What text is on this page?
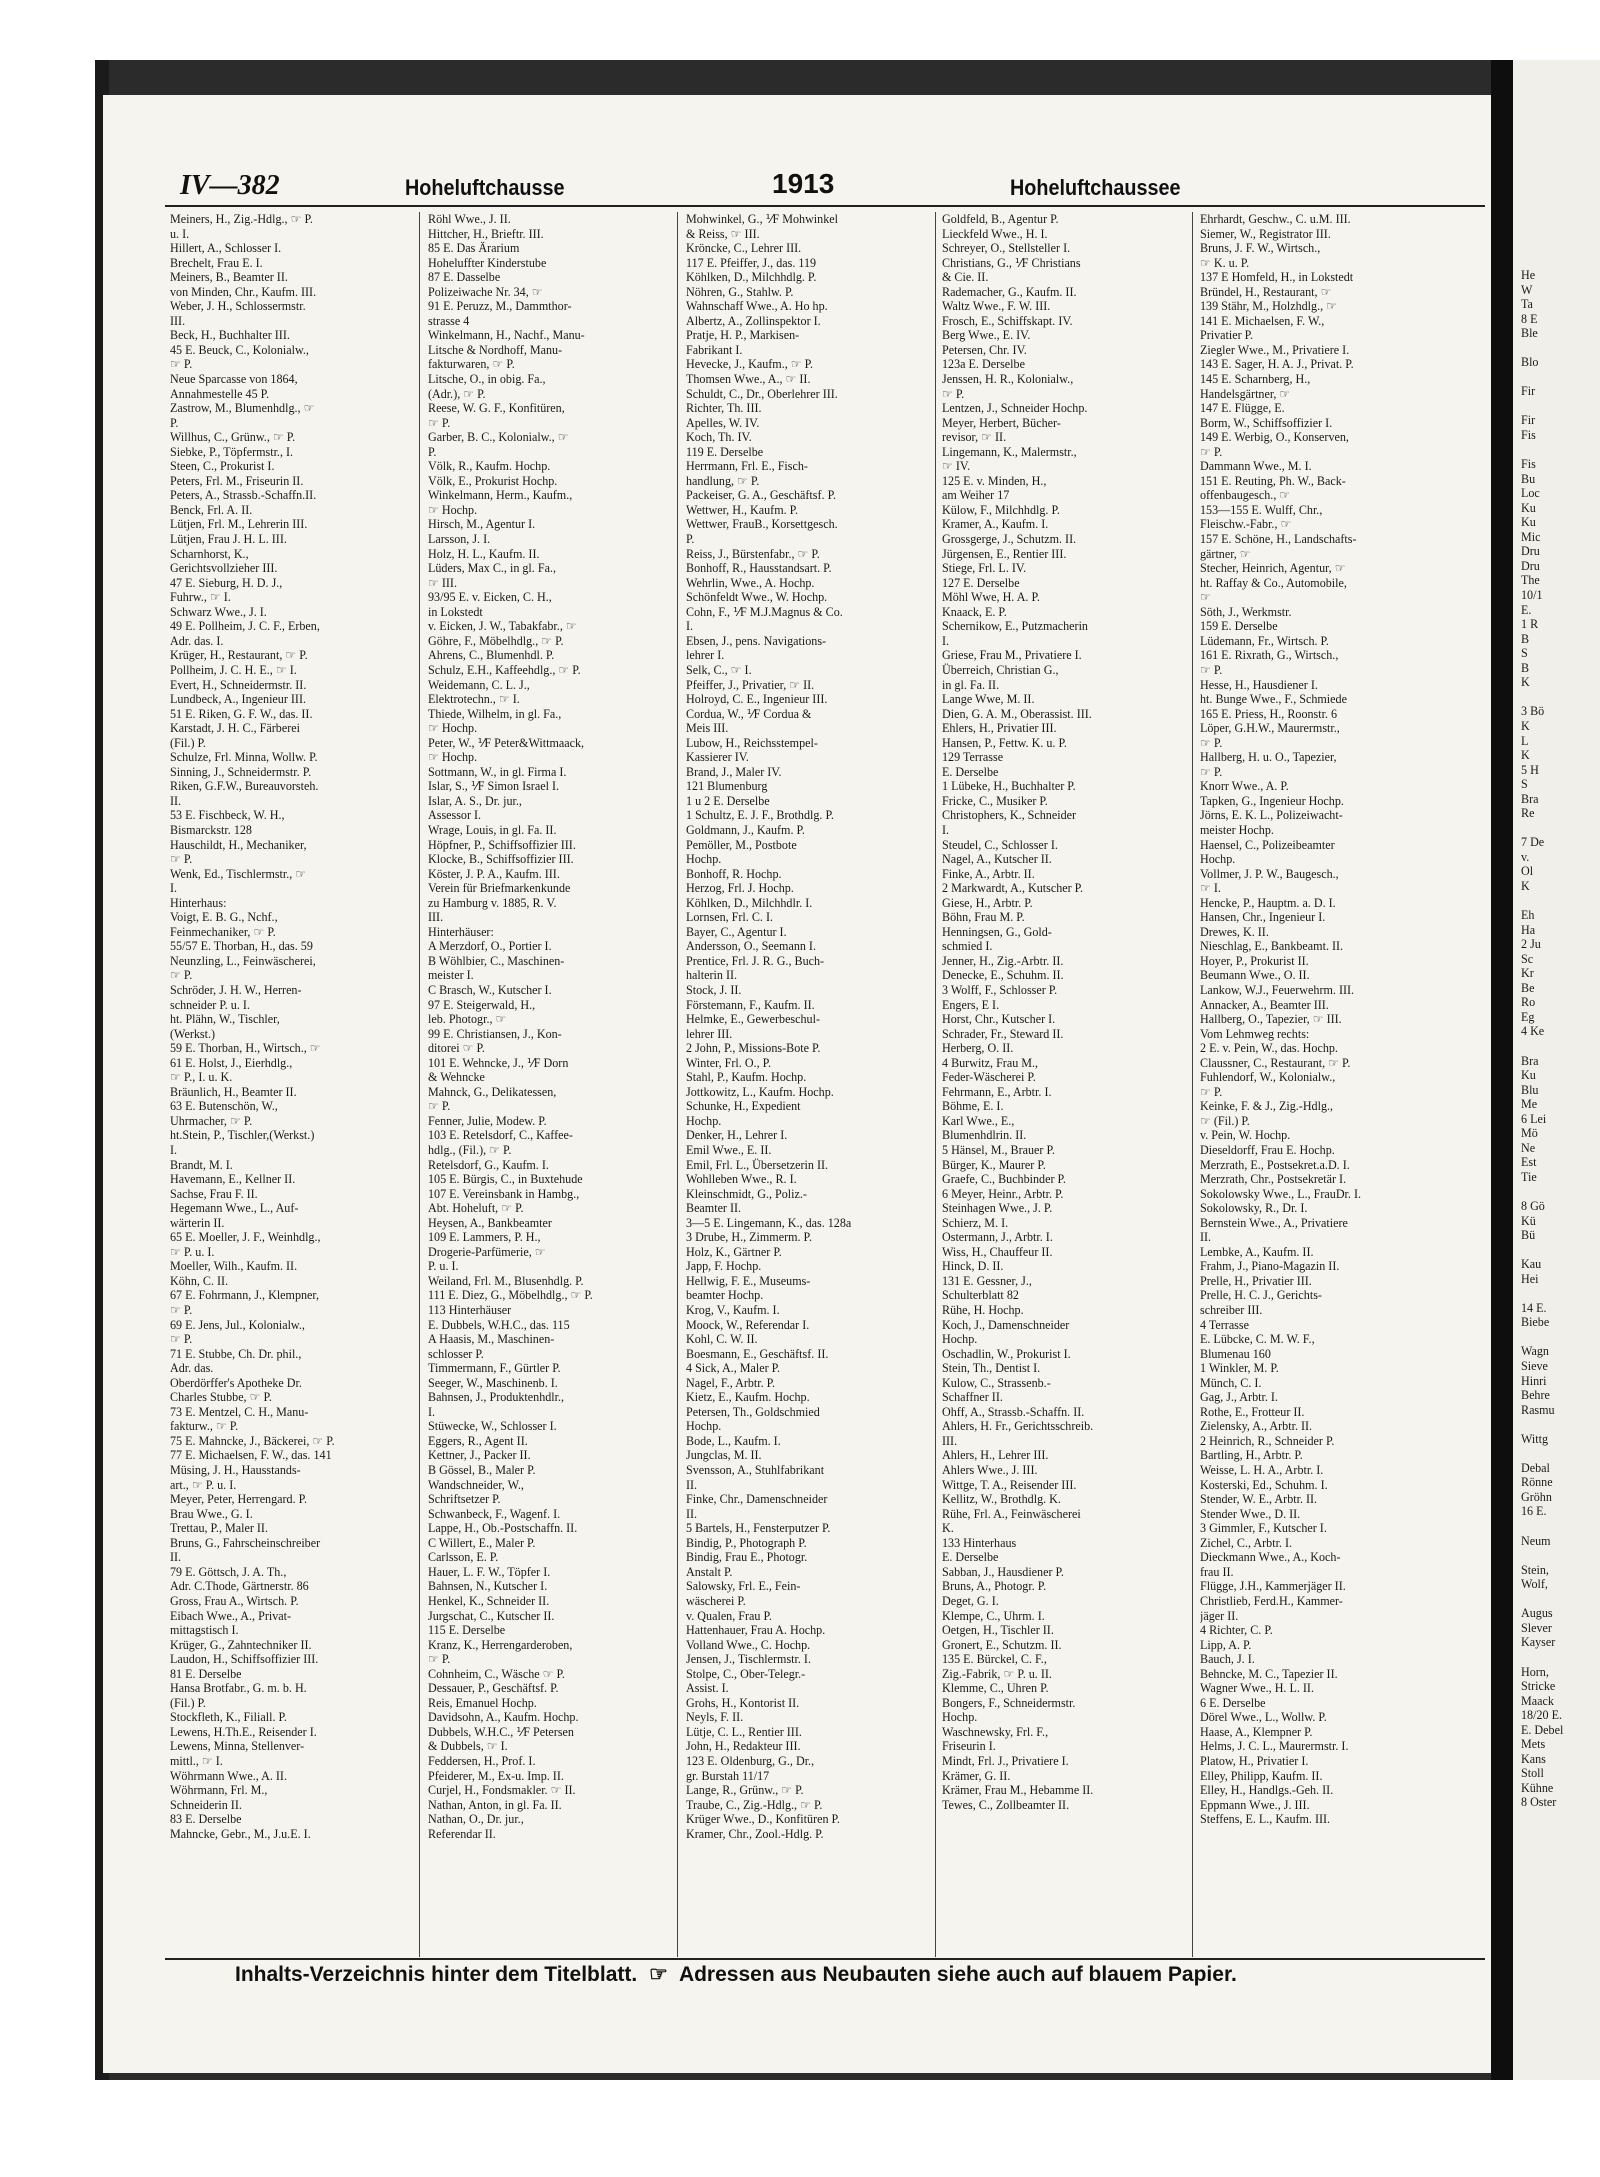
He
W
Ta
8 E
Ble
Blo
Fir
Fir
Fis
Fis
Bu
Loc
Ku
Ku
Mic
Dru
Dru
The
10/1
E.
1 R
B
S
B
K
3 Bö
K
L
K
5 H
S
Bra
Re
7 De
v.
Ol
K
Eh
Ha
2 Ju
Sc
Kr
Be
Ro
Eg
4 Ke
Bra
Ku
Blu
Me
6 Lei
Mö
Ne
Est
Tie
8 Gö
Kü
Bü
Kau
Hei
14 E.
Biebe
Wagn
Sieve
Hinri
Behre
Rasmu
Wittg
Debal
Rönne
Gröhn
16 E.
Neum
Stein,
Wolf,
Augus
Slever
Kayser
Horn,
Stricke
Maack
18/20 E.
E. Debel
Mets
Kans
Stoll
Kühne
8 Oster
IV—382	Hoheluftchausse	1913	Hoheluftchaussee
Meiners, H., Zig.-Hdlg., ☞ P.
u. I.
Hillert, A., Schlosser I.
Brechelt, Frau E. I.
Meiners, B., Beamter II.
von Minden, Chr., Kaufm. III.
Weber, J. H., Schlossermstr.
III.
Beck, H., Buchhalter III.
45 E. Beuck, C., Kolonialw.,
☞ P.
Neue Sparcasse von 1864,
Annahmestelle 45 P.
Zastrow, M., Blumenhdlg., ☞
P.
Willhus, C., Grünw., ☞ P.
Siebke, P., Töpfermstr., I.
Steen, C., Prokurist I.
Peters, Frl. M., Friseurin II.
Peters, A., Strassb.-Schaffn.II.
Benck, Frl. A. II.
Lütjen, Frl. M., Lehrerin III.
Lütjen, Frau J. H. L. III.
Scharnhorst, K.,
Gerichtsvollzieher III.
47 E. Sieburg, H. D. J.,
Fuhrw., ☞ I.
Schwarz Wwe., J. I.
49 E. Pollheim, J. C. F., Erben,
Adr. das. I.
Krüger, H., Restaurant, ☞ P.
Pollheim, J. C. H. E., ☞ I.
Evert, H., Schneidermstr. II.
Lundbeck, A., Ingenieur III.
51 E. Riken, G. F. W., das. II.
Karstadt, J. H. C., Färberei
(Fil.) P.
Schulze, Frl. Minna, Wollw. P.
Sinning, J., Schneidermstr. P.
Riken, G.F.W., Bureauvorsteh.
II.
53 E. Fischbeck, W. H.,
Bismarckstr. 128
Hauschildt, H., Mechaniker,
☞ P.
Wenk, Ed., Tischlermstr., ☞
I.
Hinterhaus:
Voigt, E. B. G., Nchf.,
Feinmechaniker, ☞ P.
55/57 E. Thorban, H., das. 59
Neunzling, L., Feinwäscherei,
☞ P.
Schröder, J. H. W., Herren-
schneider P. u. I.
ht. Plähn, W., Tischler,
(Werkst.)
59 E. Thorban, H., Wirtsch., ☞
61 E. Holst, J., Eierhdlg.,
☞ P., I. u. K.
Bräunlich, H., Beamter II.
63 E. Butenschön, W.,
Uhrmacher, ☞ P.
ht.Stein, P., Tischler,(Werkst.)
I.
Brandt, M. I.
Havemann, E., Kellner II.
Sachse, Frau F. II.
Hegemann Wwe., L., Auf-
wärterin II.
65 E. Moeller, J. F., Weinhdlg.,
☞ P. u. I.
Moeller, Wilh., Kaufm. II.
Köhn, C. II.
67 E. Fohrmann, J., Klempner,
☞ P.
69 E. Jens, Jul., Kolonialw.,
☞ P.
71 E. Stubbe, Ch. Dr. phil.,
Adr. das.
Oberdörffer's Apotheke Dr.
Charles Stubbe, ☞ P.
73 E. Mentzel, C. H., Manu-
fakturw., ☞ P.
75 E. Mahncke, J., Bäckerei, ☞ P.
77 E. Michaelsen, F. W., das. 141
Müsing, J. H., Hausstands-
art., ☞ P. u. I.
Meyer, Peter, Herrengard. P.
Brau Wwe., G. I.
Trettau, P., Maler II.
Bruns, G., Fahrscheinschreiber
II.
79 E. Göttsch, J. A. Th.,
Adr. C.Thode, Gärtnerstr. 86
Gross, Frau A., Wirtsch. P.
Eibach Wwe., A., Privat-
mittagstisch I.
Krüger, G., Zahntechniker II.
Laudon, H., Schiffsoffizier III.
81 E. Derselbe
Hansa Brotfabr., G. m. b. H.
(Fil.) P.
Stockfleth, K., Filiall. P.
Lewens, H.Th.E., Reisender I.
Lewens, Minna, Stellenver-
mittl., ☞ I.
Wöhrmann Wwe., A. II.
Wöhrmann, Frl. M.,
Schneiderin II.
83 E. Derselbe
Mahncke, Gebr., M., J.u.E. I.
Röhl Wwe., J. II.
Hittcher, H., Brieftr. III.
85 E. Das Ärarium
Hoheluffter Kinderstube
87 E. Dasselbe
Polizeiwache Nr. 34, ☞
91 E. Peruzz, M., Dammthor-
strasse 4
Winkelmann, H., Nachf., Manu-
Litsche & Nordhoff, Manu-
fakturwaren, ☞ P.
Litsche, O., in obig. Fa.,
(Adr.), ☞ P.
Reese, W. G. F., Konfitüren,
☞ P.
Garber, B. C., Kolonialw., ☞
P.
Völk, R., Kaufm. Hochp.
Völk, E., Prokurist Hochp.
Winkelmann, Herm., Kaufm.,
☞ Hochp.
Hirsch, M., Agentur I.
Larsson, J. I.
Holz, H. L., Kaufm. II.
Lüders, Max C., in gl. Fa.,
☞ III.
93/95 E. v. Eicken, C. H.,
in Lokstedt
v. Eicken, J. W., Tabakfabr., ☞
Göhre, F., Möbelhdlg., ☞ P.
Ahrens, C., Blumenhdl. P.
Schulz, E.H., Kaffeehdlg., ☞ P.
Weidemann, C. L. J.,
Elektrotechn., ☞ I.
Thiede, Wilhelm, in gl. Fa.,
☞ Hochp.
Peter, W., ⅟F Peter&Wittmaack,
☞ Hochp.
Sottmann, W., in gl. Firma I.
Islar, S., ⅟F Simon Israel I.
Islar, A. S., Dr. jur.,
Assessor I.
Wrage, Louis, in gl. Fa. II.
Höpfner, P., Schiffsoffizier III.
Klocke, B., Schiffsoffizier III.
Köster, J. P. A., Kaufm. III.
Verein für Briefmarkenkunde
zu Hamburg v. 1885, R. V.
III.
Hinterhäuser:
A Merzdorf, O., Portier I.
B Wöhlbier, C., Maschinen-
meister I.
C Brasch, W., Kutscher I.
97 E. Steigerwald, H.,
leb. Photogr., ☞
99 E. Christiansen, J., Kon-
ditorei ☞ P.
101 E. Wehncke, J., ⅟F Dorn
& Wehncke
Mahnck, G., Delikatessen,
☞ P.
Fenner, Julie, Modew. P.
103 E. Retelsdorf, C., Kaffee-
hdlg., (Fil.), ☞ P.
Retelsdorf, G., Kaufm. I.
105 E. Bürgis, C., in Buxtehude
107 E. Vereinsbank in Hambg.,
Abt. Hoheluft, ☞ P.
Heysen, A., Bankbeamter
109 E. Lammers, P. H.,
Drogerie-Parfümerie, ☞
P. u. I.
Weiland, Frl. M., Blusenhdlg. P.
111 E. Diez, G., Möbelhdlg., ☞ P.
113 Hinterhäuser
E. Dubbels, W.H.C., das. 115
A Haasis, M., Maschinen-
schlosser P.
Timmermann, F., Gürtler P.
Seeger, W., Maschinenb. I.
Bahnsen, J., Produktenhdlr.,
I.
Stüwecke, W., Schlosser I.
Eggers, R., Agent II.
Kettner, J., Packer II.
B Gössel, B., Maler P.
Wandschneider, W.,
Schriftsetzer P.
Schwanbeck, F., Wagenf. I.
Lappe, H., Ob.-Postschaffn. II.
C Willert, E., Maler P.
Carlsson, E. P.
Hauer, L. F. W., Töpfer I.
Bahnsen, N., Kutscher I.
Henkel, K., Schneider II.
Jurgschat, C., Kutscher II.
115 E. Derselbe
Kranz, K., Herrengarderoben,
☞ P.
Cohnheim, C., Wäsche ☞ P.
Dessauer, P., Geschäftsf. P.
Reis, Emanuel Hochp.
Davidsohn, A., Kaufm. Hochp.
Dubbels, W.H.C., ⅟F Petersen
& Dubbels, ☞ I.
Feddersen, H., Prof. I.
Pfeiderer, M., Ex-u. Imp. II.
Curjel, H., Fondsmakler. ☞ II.
Nathan, Anton, in gl. Fa. II.
Nathan, O., Dr. jur.,
Referendar II.
Mohwinkel, G., ⅟F Mohwinkel
& Reiss, ☞ III.
Kröncke, C., Lehrer III.
117 E. Pfeiffer, J., das. 119
Köhlken, D., Milchhdlg. P.
Nöhren, G., Stahlw. P.
Wahnschaff Wwe., A. Ho hp.
Albertz, A., Zollinspektor I.
Pratje, H. P., Markisen-
Fabrikant I.
Hevecke, J., Kaufm., ☞ P.
Thomsen Wwe., A., ☞ II.
Schuldt, C., Dr., Oberlehrer III.
Richter, Th. III.
Apelles, W. IV.
Koch, Th. IV.
119 E. Derselbe
Herrmann, Frl. E., Fisch-
handlung, ☞ P.
Packeiser, G. A., Geschäftsf. P.
Wettwer, H., Kaufm. P.
Wettwer, FrauB., Korsettgesch.
P.
Reiss, J., Bürstenfabr., ☞ P.
Bonhoff, R., Hausstandsart. P.
Wehrlin, Wwe., A. Hochp.
Schönfeldt Wwe., W. Hochp.
Cohn, F., ⅟F M.J.Magnus & Co.
I.
Ebsen, J., pens. Navigations-
lehrer I.
Selk, C., ☞ I.
Pfeiffer, J., Privatier, ☞ II.
Holroyd, C. E., Ingenieur III.
Cordua, W., ⅟F Cordua &
Meis III.
Lubow, H., Reichsstempel-
Kassierer IV.
Brand, J., Maler IV.
121 Blumenburg
1 u 2 E. Derselbe
1 Schultz, E. J. F., Brothdlg. P.
Goldmann, J., Kaufm. P.
Pemöller, M., Postbote
Hochp.
Bonhoff, R. Hochp.
Herzog, Frl. J. Hochp.
Köhlken, D., Milchhdlr. I.
Lornsen, Frl. C. I.
Bayer, C., Agentur I.
Andersson, O., Seemann I.
Prentice, Frl. J. R. G., Buch-
halterin II.
Stock, J. II.
Förstemann, F., Kaufm. II.
Helmke, E., Gewerbeschul-
lehrer III.
2 John, P., Missions-Bote P.
Winter, Frl. O., P.
Stahl, P., Kaufm. Hochp.
Jottkowitz, L., Kaufm. Hochp.
Schunke, H., Expedient
Hochp.
Denker, H., Lehrer I.
Emil Wwe., E. II.
Emil, Frl. L., Übersetzerin II.
Wohlleben Wwe., R. I.
Kleinschmidt, G., Poliz.-
Beamter II.
3—5 E. Lingemann, K., das. 128a
3 Drube, H., Zimmerm. P.
Holz, K., Gärtner P.
Japp, F. Hochp.
Hellwig, F. E., Museums-
beamter Hochp.
Krog, V., Kaufm. I.
Moock, W., Referendar I.
Kohl, C. W. II.
Boesmann, E., Geschäftsf. II.
4 Sick, A., Maler P.
Nagel, F., Arbtr. P.
Kietz, E., Kaufm. Hochp.
Petersen, Th., Goldschmied
Hochp.
Bode, L., Kaufm. I.
Jungclas, M. II.
Svensson, A., Stuhlfabrikant
II.
Finke, Chr., Damenschneider
II.
5 Bartels, H., Fensterputzer P.
Bindig, P., Photograph P.
Bindig, Frau E., Photogr.
Anstalt P.
Salowsky, Frl. E., Fein-
wäscherei P.
v. Qualen, Frau P.
Hattenhauer, Frau A. Hochp.
Volland Wwe., C. Hochp.
Jensen, J., Tischlermstr. I.
Stolpe, C., Ober-Telegr.-
Assist. I.
Grohs, H., Kontorist II.
Neyls, F. II.
Lütje, C. L., Rentier III.
John, H., Redakteur III.
123 E. Oldenburg, G., Dr.,
gr. Burstah 11/17
Lange, R., Grünw., ☞ P.
Traube, C., Zig.-Hdlg., ☞ P.
Krüger Wwe., D., Konfitüren P.
Kramer, Chr., Zool.-Hdlg. P.
Goldfeld, B., Agentur P.
Lieckfeld Wwe., H. I.
Schreyer, O., Stellsteller I.
Christians, G., ⅟F Christians
& Cie. II.
Rademacher, G., Kaufm. II.
Waltz Wwe., F. W. III.
Frosch, E., Schiffskapt. IV.
Berg Wwe., E. IV.
Petersen, Chr. IV.
123a E. Derselbe
Jenssen, H. R., Kolonialw.,
☞ P.
Lentzen, J., Schneider Hochp.
Meyer, Herbert, Bücher-
revisor, ☞ II.
Lingemann, K., Malermstr.,
☞ IV.
125 E. v. Minden, H.,
am Weiher 17
Külow, F., Milchhdlg. P.
Kramer, A., Kaufm. I.
Grossgerge, J., Schutzm. II.
Jürgensen, E., Rentier III.
Stiege, Frl. L. IV.
127 E. Derselbe
Möhl Wwe, H. A. P.
Knaack, E. P.
Schernikow, E., Putzmacherin
I.
Griese, Frau M., Privatiere I.
Überreich, Christian G.,
in gl. Fa. II.
Lange Wwe, M. II.
Dien, G. A. M., Oberassist. III.
Ehlers, H., Privatier III.
Hansen, P., Fettw. K. u. P.
129 Terrasse
E. Derselbe
1 Lübeke, H., Buchhalter P.
Fricke, C., Musiker P.
Christophers, K., Schneider
I.
Steudel, C., Schlosser I.
Nagel, A., Kutscher II.
Finke, A., Arbtr. II.
2 Markwardt, A., Kutscher P.
Giese, H., Arbtr. P.
Böhn, Frau M. P.
Henningsen, G., Gold-
schmied I.
Jenner, H., Zig.-Arbtr. II.
Denecke, E., Schuhm. II.
3 Wolff, F., Schlosser P.
Engers, E I.
Horst, Chr., Kutscher I.
Schrader, Fr., Steward II.
Herberg, O. II.
4 Burwitz, Frau M.,
Feder-Wäscherei P.
Fehrmann, E., Arbtr. I.
Böhme, E. I.
Karl Wwe., E.,
Blumenhdlrin. II.
5 Hänsel, M., Brauer P.
Bürger, K., Maurer P.
Graefe, C., Buchbinder P.
6 Meyer, Heinr., Arbtr. P.
Steinhagen Wwe., J. P.
Schierz, M. I.
Ostermann, J., Arbtr. I.
Wiss, H., Chauffeur II.
Hinck, D. II.
131 E. Gessner, J.,
Schulterblatt 82
Rühe, H. Hochp.
Koch, J., Damenschneider
Hochp.
Oschadlin, W., Prokurist I.
Stein, Th., Dentist I.
Kulow, C., Strassenb.-
Schaffner II.
Ohff, A., Strassb.-Schaffn. II.
Ahlers, H. Fr., Gerichtsschreib.
III.
Ahlers, H., Lehrer III.
Ahlers Wwe., J. III.
Wittge, T. A., Reisender III.
Kellitz, W., Brothdlg. K.
Rühe, Frl. A., Feinwäscherei
K.
133 Hinterhaus
E. Derselbe
Sabban, J., Hausdiener P.
Bruns, A., Photogr. P.
Deget, G. I.
Klempe, C., Uhrm. I.
Oetgen, H., Tischler II.
Gronert, E., Schutzm. II.
135 E. Bürckel, C. F.,
Zig.-Fabrik, ☞ P. u. II.
Klemme, C., Uhren P.
Bongers, F., Schneidermstr.
Hochp.
Waschnewsky, Frl. F.,
Friseurin I.
Mindt, Frl. J., Privatiere I.
Krämer, G. II.
Krämer, Frau M., Hebamme II.
Tewes, C., Zollbeamter II.
Ehrhardt, Geschw., C. u.M. III.
Siemer, W., Registrator III.
Bruns, J. F. W., Wirtsch.,
☞ K. u. P.
137 E Homfeld, H., in Lokstedt
Bründel, H., Restaurant, ☞
139 Stähr, M., Holzhdlg., ☞
141 E. Michaelsen, F. W.,
Privatier P.
Ziegler Wwe., M., Privatiere I.
143 E. Sager, H. A. J., Privat. P.
145 E. Scharnberg, H.,
Handelsgärtner, ☞
147 E. Flügge, E.
Borm, W., Schiffsoffizier I.
149 E. Werbig, O., Konserven,
☞ P.
Dammann Wwe., M. I.
151 E. Reuting, Ph. W., Back-
offenbaugesch., ☞
153—155 E. Wulff, Chr.,
Fleischw.-Fabr., ☞
157 E. Schöne, H., Landschafts-
gärtner, ☞
Stecher, Heinrich, Agentur, ☞
ht. Raffay & Co., Automobile,
☞
Söth, J., Werkmstr.
159 E. Derselbe
Lüdemann, Fr., Wirtsch. P.
161 E. Rixrath, G., Wirtsch.,
☞ P.
Hesse, H., Hausdiener I.
ht. Bunge Wwe., F., Schmiede
165 E. Priess, H., Roonstr. 6
Löper, G.H.W., Maurermstr.,
☞ P.
Hallberg, H. u. O., Tapezier,
☞ P.
Knorr Wwe., A. P.
Tapken, G., Ingenieur Hochp.
Jörns, E. K. L., Polizeiwacht-
meister Hochp.
Haensel, C., Polizeibeamter
Hochp.
Vollmer, J. P. W., Baugesch.,
☞ I.
Hencke, P., Hauptm. a. D. I.
Hansen, Chr., Ingenieur I.
Drewes, K. II.
Nieschlag, E., Bankbeamt. II.
Hoyer, P., Prokurist II.
Beumann Wwe., O. II.
Lankow, W.J., Feuerwehrm. III.
Annacker, A., Beamter III.
Hallberg, O., Tapezier, ☞ III.
Vom Lehmweg rechts:
2 E. v. Pein, W., das. Hochp.
Claussner, C., Restaurant, ☞ P.
Fuhlendorf, W., Kolonialw.,
☞ P.
Keinke, F. & J., Zig.-Hdlg.,
☞ (Fil.) P.
v. Pein, W. Hochp.
Dieseldorff, Frau E. Hochp.
Merzrath, E., Postsekret.a.D. I.
Merzrath, Chr., Postsekretär I.
Sokolowsky Wwe., L., FrauDr. I.
Sokolowsky, R., Dr. I.
Bernstein Wwe., A., Privatiere
II.
Lembke, A., Kaufm. II.
Frahm, J., Piano-Magazin II.
Prelle, H., Privatier III.
Prelle, H. C. J., Gerichts-
schreiber III.
4 Terrasse
E. Lübcke, C. M. W. F.,
Blumenau 160
1 Winkler, M. P.
Münch, C. I.
Gag, J., Arbtr. I.
Rothe, E., Frotteur II.
Zielensky, A., Arbtr. II.
2 Heinrich, R., Schneider P.
Bartling, H., Arbtr. P.
Weisse, L. H. A., Arbtr. I.
Kosterski, Ed., Schuhm. I.
Stender, W. E., Arbtr. II.
Stender Wwe., D. II.
3 Gimmler, F., Kutscher I.
Zichel, C., Arbtr. I.
Dieckmann Wwe., A., Koch-
frau II.
Flügge, J.H., Kammerjäger II.
Christlieb, Ferd.H., Kammer-
jäger II.
4 Richter, C. P.
Lipp, A. P.
Bauch, J. I.
Behncke, M. C., Tapezier II.
Wagner Wwe., H. L. II.
6 E. Derselbe
Dörel Wwe., L., Wollw. P.
Haase, A., Klempner P.
Helms, J. C. L., Maurermstr. I.
Platow, H., Privatier I.
Elley, Philipp, Kaufm. II.
Elley, H., Handlgs.-Geh. II.
Eppmann Wwe., J. III.
Steffens, E. L., Kaufm. III.
Inhalts-Verzeichnis hinter dem Titelblatt. ☞ Adressen aus Neubauten siehe auch auf blauem Papier.
